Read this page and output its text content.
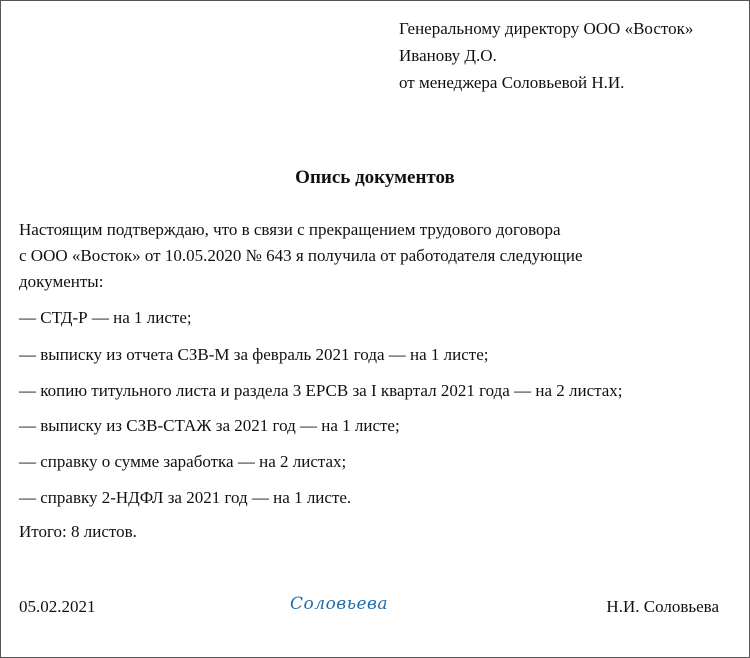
Генеральному директору ООО «Восток»
Иванову Д.О.
от менеджера Соловьевой Н.И.
Опись документов
Настоящим подтверждаю, что в связи с прекращением трудового договора
с ООО «Восток» от 10.05.2020 № 643 я получила от работодателя следующие
документы:
— СТД-Р — на 1 листе;
— выписку из отчета СЗВ-М за февраль 2021 года — на 1 листе;
— копию титульного листа и раздела 3 ЕРСВ за I квартал 2021 года — на 2 листах;
— выписку из СЗВ-СТАЖ за 2021 год — на 1 листе;
— справку о сумме заработка — на 2 листах;
— справку 2-НДФЛ за 2021 год — на 1 листе.
Итого: 8 листов.
05.02.2021	Соловьева	Н.И. Соловьева
